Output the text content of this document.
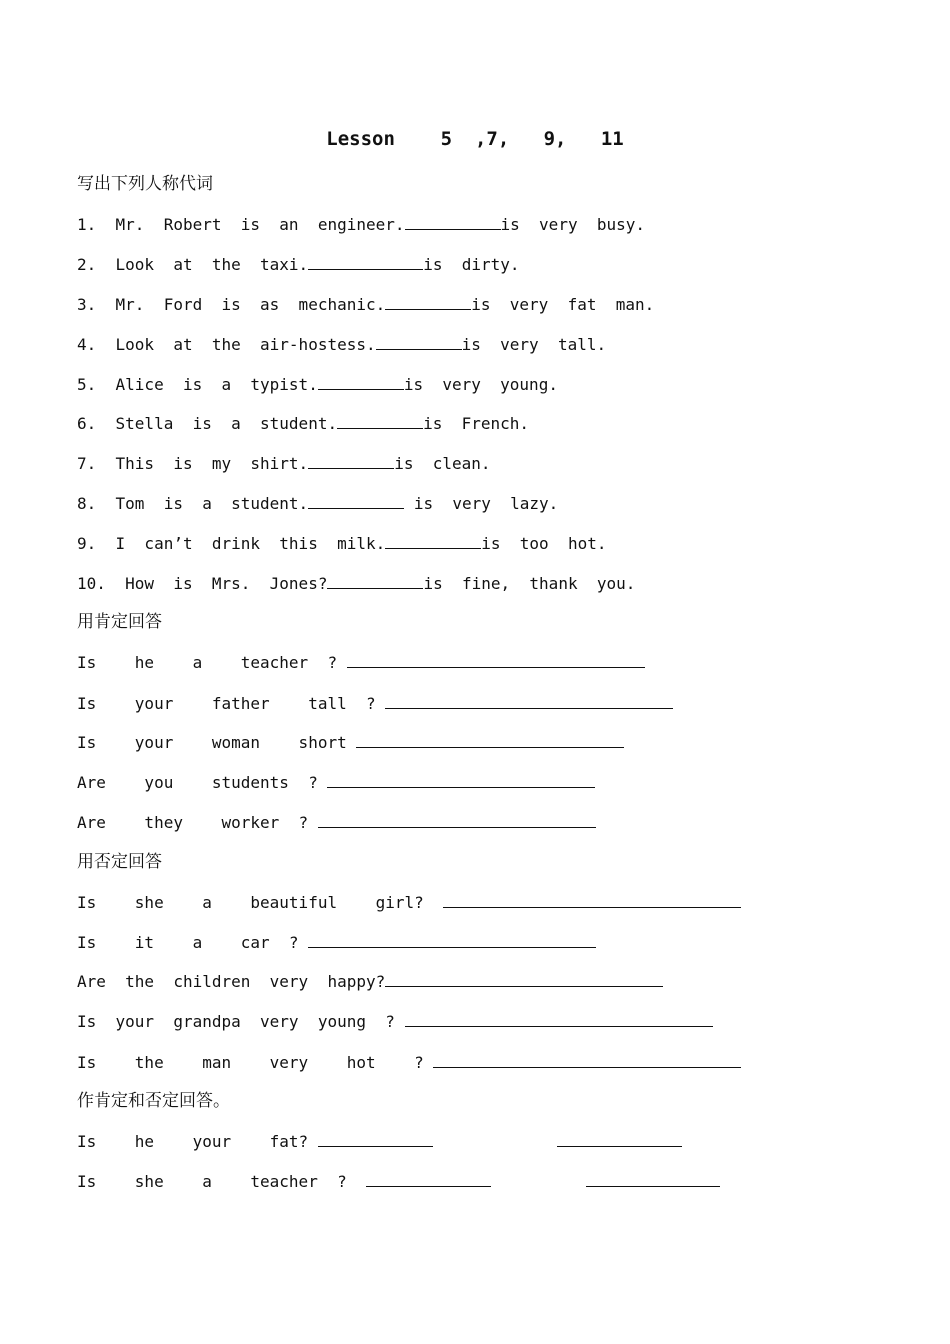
Lesson    5  ,7,   9,   11
写出下列人称代词
1.  Mr.  Robert  is  an  engineer.	is  very  busy.
2.  Look  at  the  taxi.	is  dirty.
3.  Mr.  Ford  is  as  mechanic.	is  very  fat  man.
4.  Look  at  the  air-hostess.	is  very  tall.
5.  Alice  is  a  typist.	is  very  young.
6.  Stella  is  a  student.	is  French.
7.  This  is  my  shirt.	is  clean.
8.  Tom  is  a  student.	is  very  lazy.
9.  I  can’t  drink  this  milk.	is  too  hot.
10.  How  is  Mrs.  Jones?	is  fine,  thank  you.
用肯定回答
Is    he    a    teacher  ?
Is    your    father    tall  ?
Is    your    woman    short
Are    you    students  ?
Are    they    worker  ?
用否定回答
Is    she    a    beautiful    girl?
Is    it    a    car  ?
Are  the  children  very  happy?
Is  your  grandpa  very  young  ?
Is    the    man    very    hot    ?
作肯定和否定回答。
Is    he    your    fat?
Is    she    a    teacher  ?
